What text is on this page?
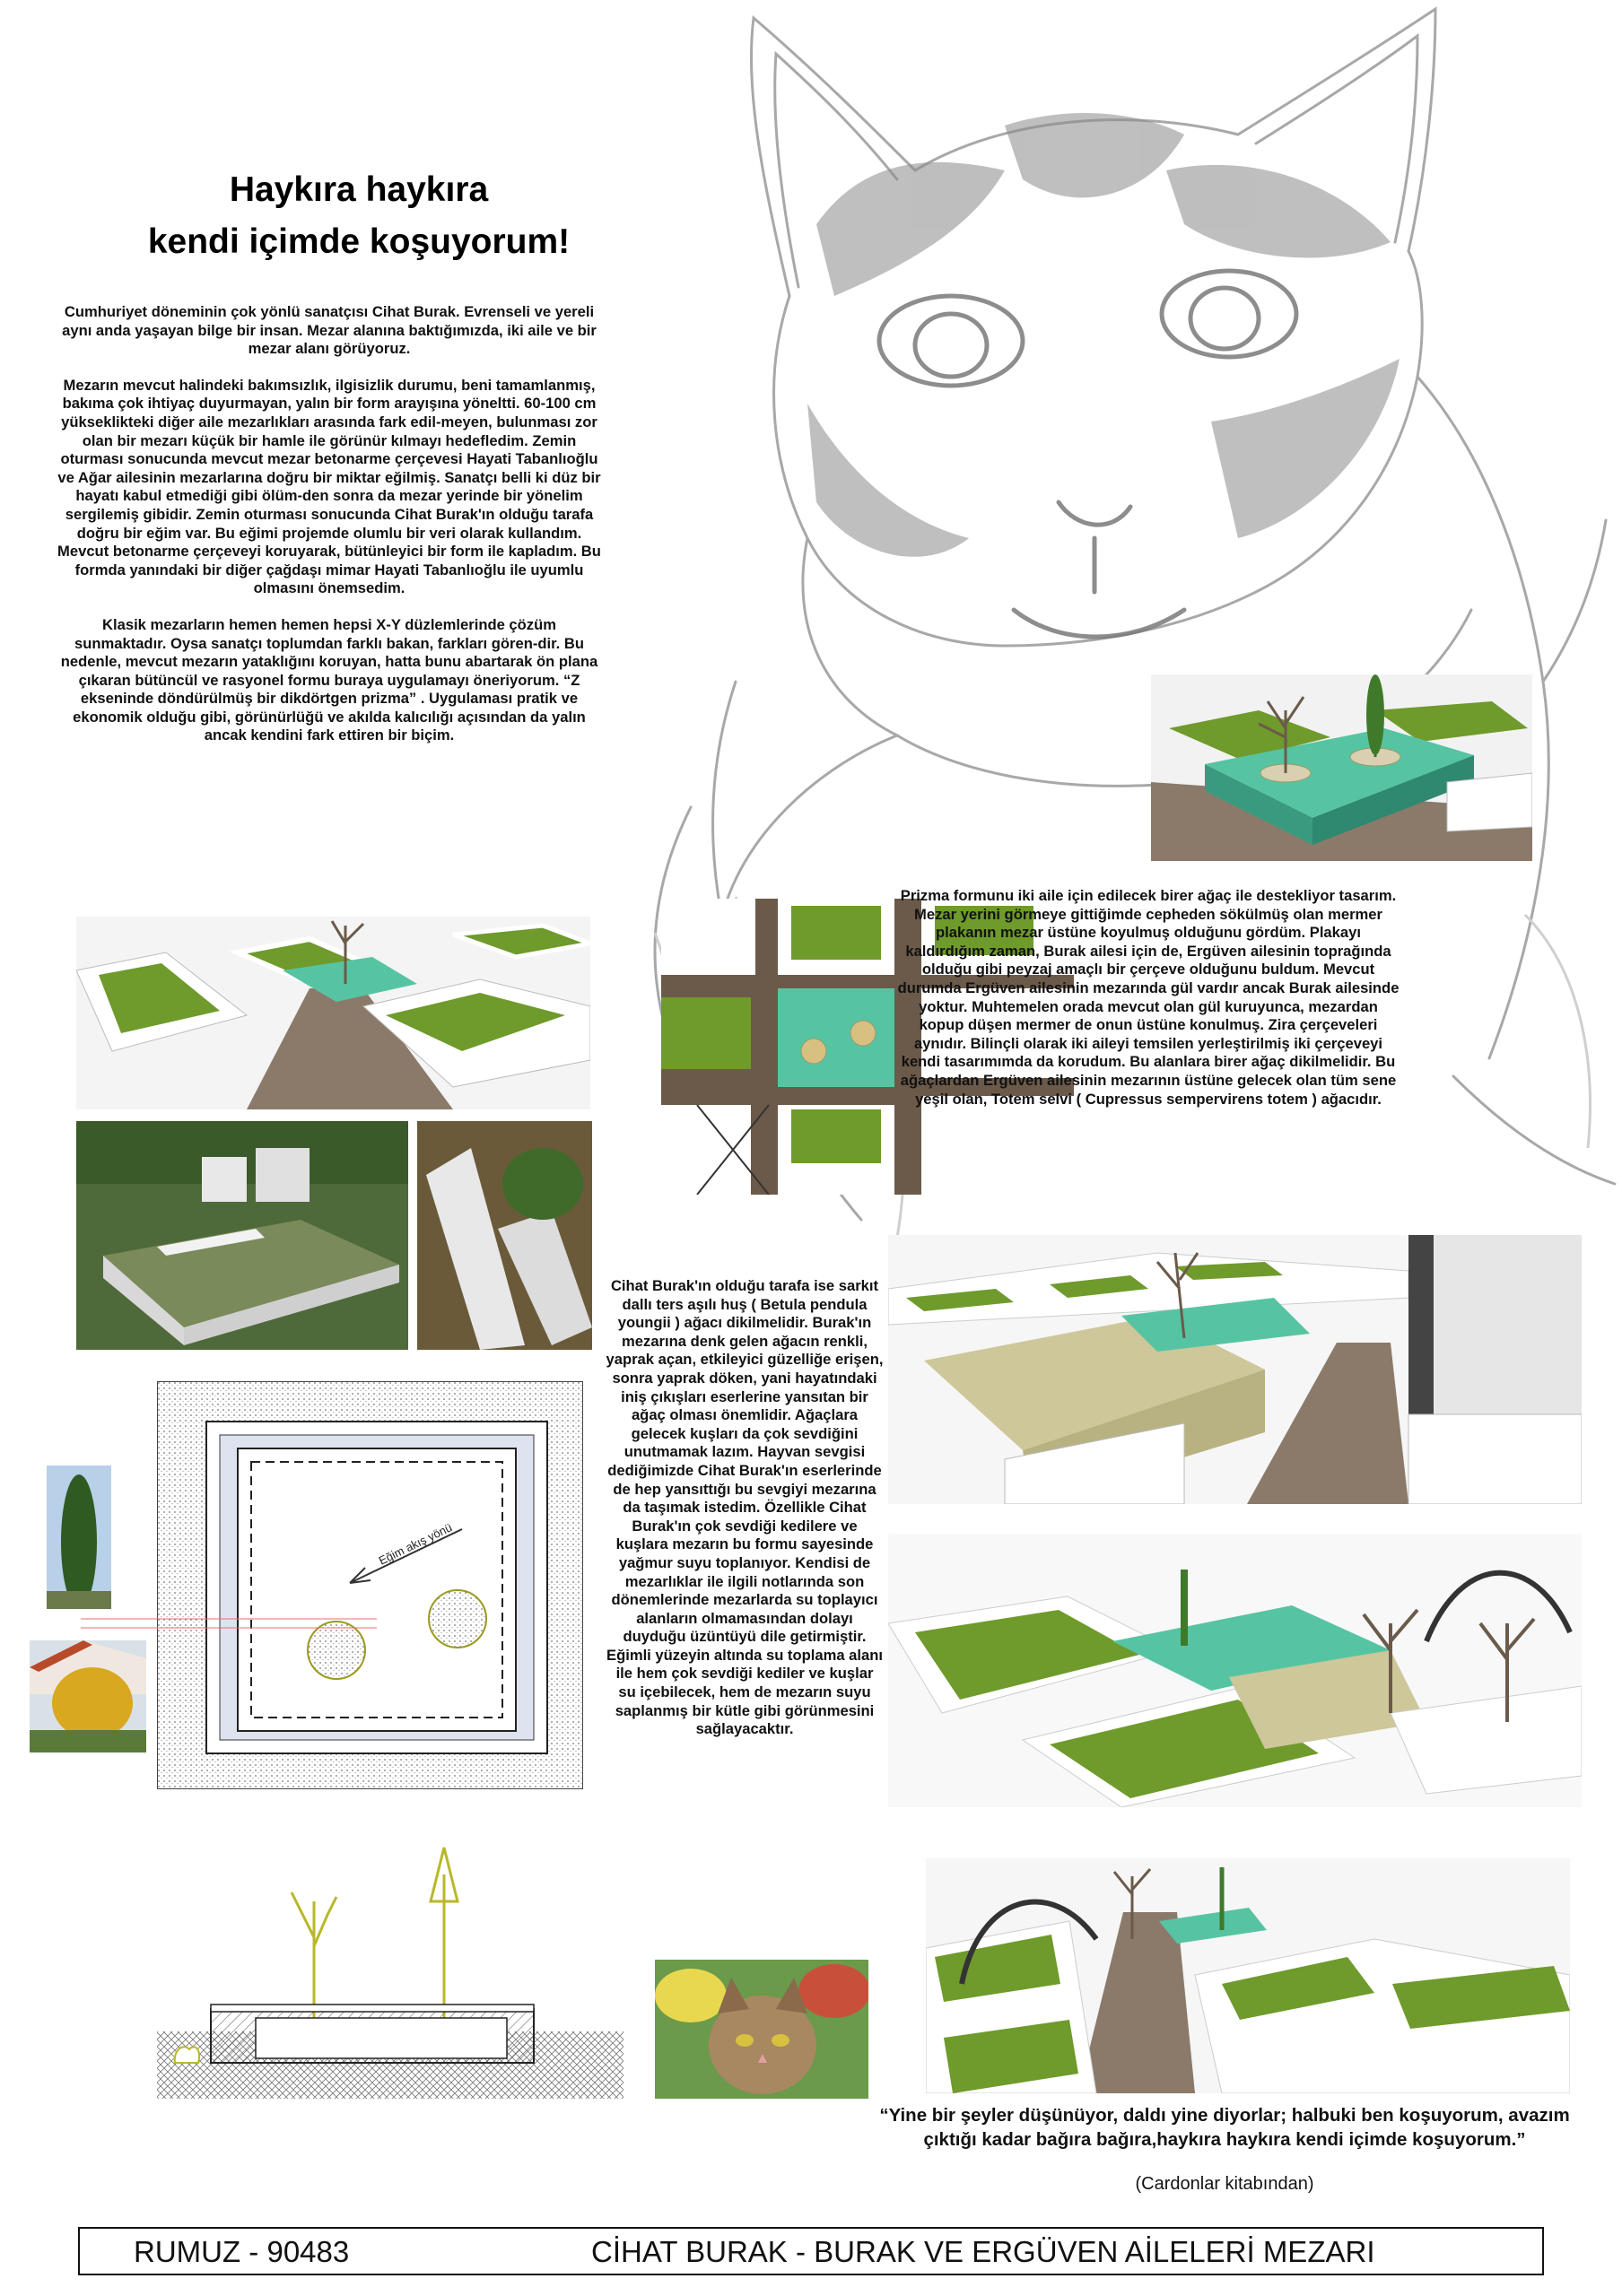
Haykıra haykıra
kendi içimde koşuyorum!

Cumhuriyet döneminin çok yönlü sanatçısı Cihat Burak. Evrenseli ve yereli aynı anda yaşayan bilge bir insan. Mezar alanına baktığımızda, iki aile ve bir mezar alanı görüyoruz.

Mezarın mevcut halindeki bakımsızlık, ilgisizlik durumu, beni tamamlanmış, bakıma çok ihtiyaç duyurmayan, yalın bir form arayışına yöneltti. 60-100 cm yükseklikteki diğer aile mezarlıkları arasında fark edil-meyen, bulunması zor olan bir mezarı küçük bir hamle ile görünür kılmayı hedefledim. Zemin oturması sonucunda mevcut mezar betonarme çerçevesi Hayati Tabanlıoğlu ve Ağar ailesinin mezarlarına doğru bir miktar eğilmiş. Sanatçı belli ki düz bir hayatı kabul etmediği gibi ölüm-den sonra da mezar yerinde bir yönelim sergilemiş gibidir. Zemin oturması sonucunda Cihat Burak'ın olduğu tarafa doğru bir eğim var. Bu eğimi projemde olumlu bir veri olarak kullandım. Mevcut betonarme çerçeveyi koruyarak, bütünleyici bir form ile kapladım. Bu formda yanındaki bir diğer çağdaşı mimar Hayati Tabanlıoğlu ile uyumlu olmasını önemsedim.

Klasik mezarların hemen hemen hepsi X-Y düzlemlerinde çözüm sunmaktadır. Oysa sanatçı toplumdan farklı bakan, farkları gören-dir. Bu nedenle, mevcut mezarın yataklığını koruyan, hatta bunu abartarak ön plana çıkaran bütüncül ve rasyonel formu buraya uygulamayı öneriyorum. “Z ekseninde döndürülmüş bir dikdörtgen prizma” . Uygulaması pratik ve ekonomik olduğu gibi, görünürlüğü ve akılda kalıcılığı açısından da yalın ancak kendini fark ettiren bir biçim.

Eğim akış yönü
Prizma formunu iki aile için edilecek birer ağaç ile destekliyor tasarım. Mezar yerini görmeye gittiğimde cepheden sökülmüş olan mermer plakanın mezar üstüne koyulmuş olduğunu gördüm. Plakayı kaldırdığım zaman, Burak ailesi için de, Ergüven ailesinin toprağında olduğu gibi peyzaj amaçlı bir çerçeve olduğunu buldum. Mevcut durumda Ergüven ailesinin mezarında gül vardır ancak Burak ailesinde yoktur. Muhtemelen orada mevcut olan gül kuruyunca, mezardan kopup düşen mermer de onun üstüne konulmuş. Zira çerçeveleri aynıdır. Bilinçli olarak iki aileyi temsilen yerleştirilmiş iki çerçeveyi kendi tasarımımda da korudum. Bu alanlara birer ağaç dikilmelidir. Bu ağaçlardan Ergüven ailesinin mezarının üstüne gelecek olan tüm sene yeşil olan, Totem selvi ( Cupressus sempervirens totem ) ağacıdır.
Cihat Burak'ın olduğu tarafa ise sarkıt dallı ters aşılı huş ( Betula pendula youngii ) ağacı dikilmelidir. Burak'ın mezarına denk gelen ağacın renkli, yaprak açan, etkileyici güzelliğe erişen, sonra yaprak döken, yani hayatındaki iniş çıkışları eserlerine yansıtan bir ağaç olması önemlidir. Ağaçlara gelecek kuşları da çok sevdiğini unutmamak lazım. Hayvan sevgisi dediğimizde Cihat Burak'ın eserlerinde de hep yansıttığı bu sevgiyi mezarına da taşımak istedim. Özellikle Cihat Burak'ın çok sevdiği kedilere ve kuşlara mezarın bu formu sayesinde yağmur suyu toplanıyor. Kendisi de mezarlıklar ile ilgili notlarında son dönemlerinde mezarlarda su toplayıcı alanların olmamasından dolayı duyduğu üzüntüyü dile getirmiştir. Eğimli yüzeyin altında su toplama alanı ile hem çok sevdiği kediler ve kuşlar su içebilecek, hem de mezarın suyu saplanmış bir kütle gibi görünmesini sağlayacaktır.
“Yine bir şeyler düşünüyor, daldı yine diyorlar; halbuki ben koşuyorum, avazım çıktığı kadar bağıra bağıra,haykıra haykıra kendi içimde koşuyorum.”
(Cardonlar kitabından)
RUMUZ - 90483	CİHAT BURAK - BURAK VE ERGÜVEN AİLELERİ MEZARI
